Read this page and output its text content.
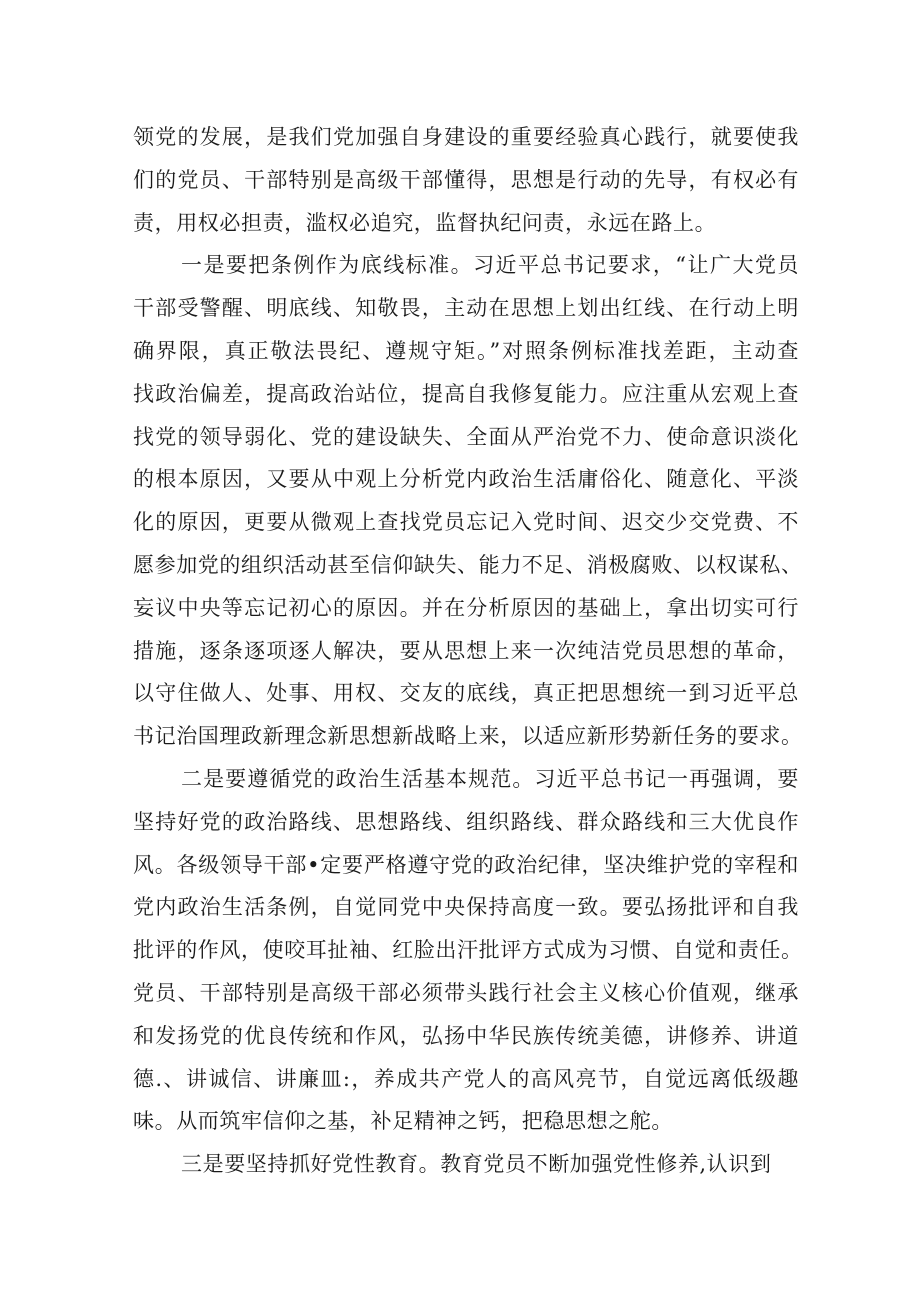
领党的发展，是我们党加强自身建设的重要经验真心践行，就要使我
们的党员、干部特别是高级干部懂得，思想是行动的先导，有权必有
责，用权必担责，滥权必追究，监督执纪问责，永远在路上。
一是要把条例作为底线标准。习近平总书记要求，“让广大党员
干部受警醒、明底线、知敬畏，主动在思想上划出红线、在行动上明
确界限，真正敬法畏纪、遵规守矩。”对照条例标准找差距，主动查
找政治偏差，提高政治站位，提高自我修复能力。应注重从宏观上查
找党的领导弱化、党的建设缺失、全面从严治党不力、使命意识淡化
的根本原因，又要从中观上分析党内政治生活庸俗化、随意化、平淡
化的原因，更要从微观上查找党员忘记入党时间、迟交少交党费、不
愿参加党的组织活动甚至信仰缺失、能力不足、消极腐败、以权谋私、
妄议中央等忘记初心的原因。并在分析原因的基础上，拿出切实可行
措施，逐条逐项逐人解决，要从思想上来一次纯洁党员思想的革命，
以守住做人、处事、用权、交友的底线，真正把思想统一到习近平总
书记治国理政新理念新思想新战略上来，以适应新形势新任务的要求。
二是要遵循党的政治生活基本规范。习近平总书记一再强调，要
坚持好党的政治路线、思想路线、组织路线、群众路线和三大优良作
风。各级领导干部•定要严格遵守党的政治纪律，坚决维护党的宰程和
党内政治生活条例，自觉同党中央保持高度一致。要弘扬批评和自我
批评的作风，使咬耳扯袖、红脸出汗批评方式成为习惯、自觉和责任。
党员、干部特别是高级干部必须带头践行社会主义核心价值观，继承
和发扬党的优良传统和作风，弘扬中华民族传统美德，讲修养、讲道
德.、讲诚信、讲廉皿:，养成共产党人的高风亮节，自觉远离低级趣
味。从而筑牢信仰之基，补足精神之钙，把稳思想之舵。
三是要坚持抓好党性教育。教育党员不断加强党性修养,认识到
